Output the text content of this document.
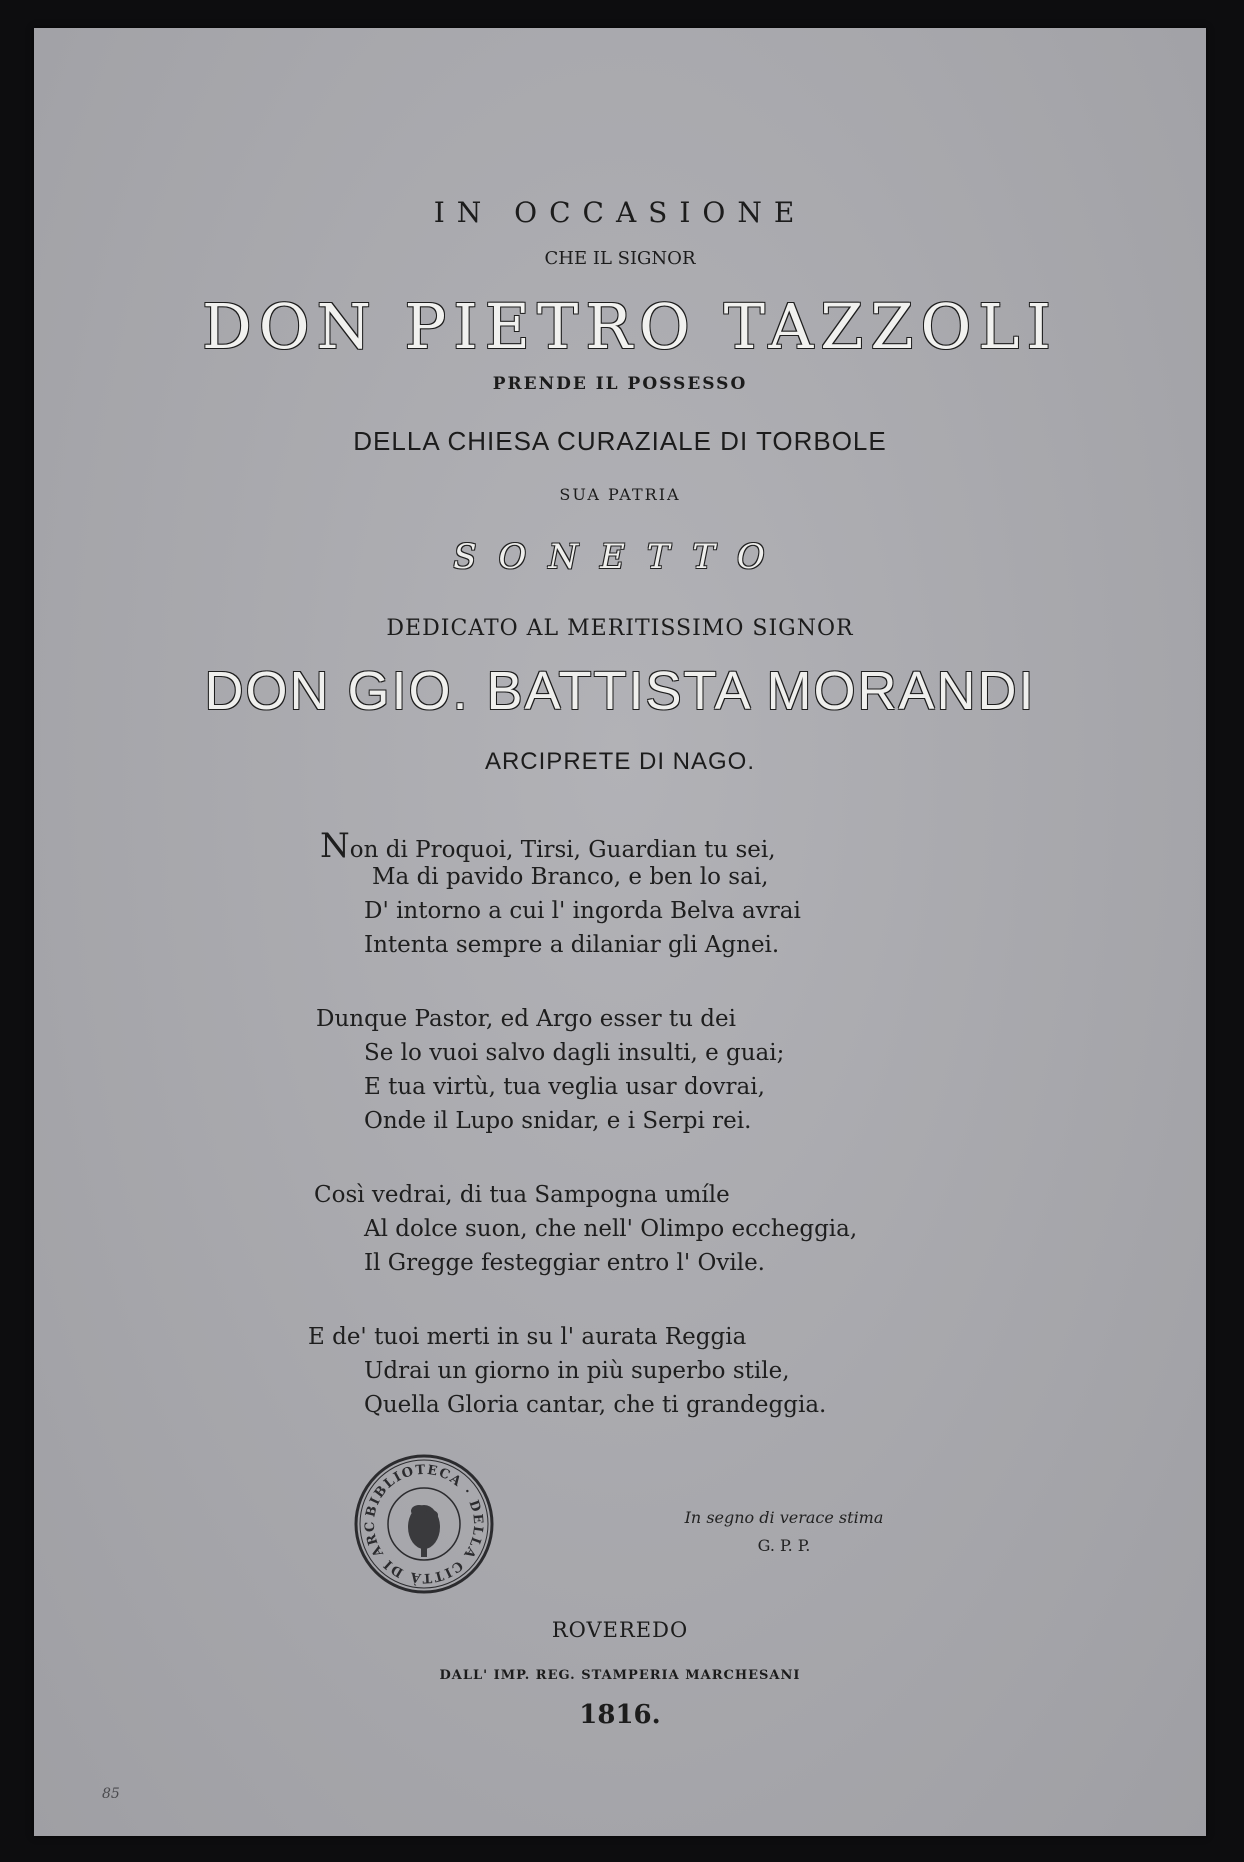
IN OCCASIONE
CHE IL SIGNOR
DON PIETRO TAZZOLI
PRENDE IL POSSESSO
DELLA CHIESA CURAZIALE DI TORBOLE
SUA PATRIA
SONETTO
DEDICATO AL MERITISSIMO SIGNOR
DON GIO. BATTISTA MORANDI
ARCIPRETE DI NAGO.
Non di Proquoi, Tirsi, Guardian tu sei,
Ma di pavido Branco, e ben lo sai,
D' intorno a cui l' ingorda Belva avrai
Intenta sempre a dilaniar gli Agnei.
Dunque Pastor, ed Argo esser tu dei
Se lo vuoi salvo dagli insulti, e guai;
E tua virtù, tua veglia usar dovrai,
Onde il Lupo snidar, e i Serpi rei.
Così vedrai, di tua Sampogna umíle
Al dolce suon, che nell' Olimpo eccheggia,
Il Gregge festeggiar entro l' Ovile.
E de' tuoi merti in su l' aurata Reggia
Udrai un giorno in più superbo stile,
Quella Gloria cantar, che ti grandeggia.
BIBLIOTECA · DELLA CITTÀ DI ARC	In segno di verace stima
G. P. P.
ROVEREDO
DALL' IMP. REG. STAMPERIA MARCHESANI
1816.
85
